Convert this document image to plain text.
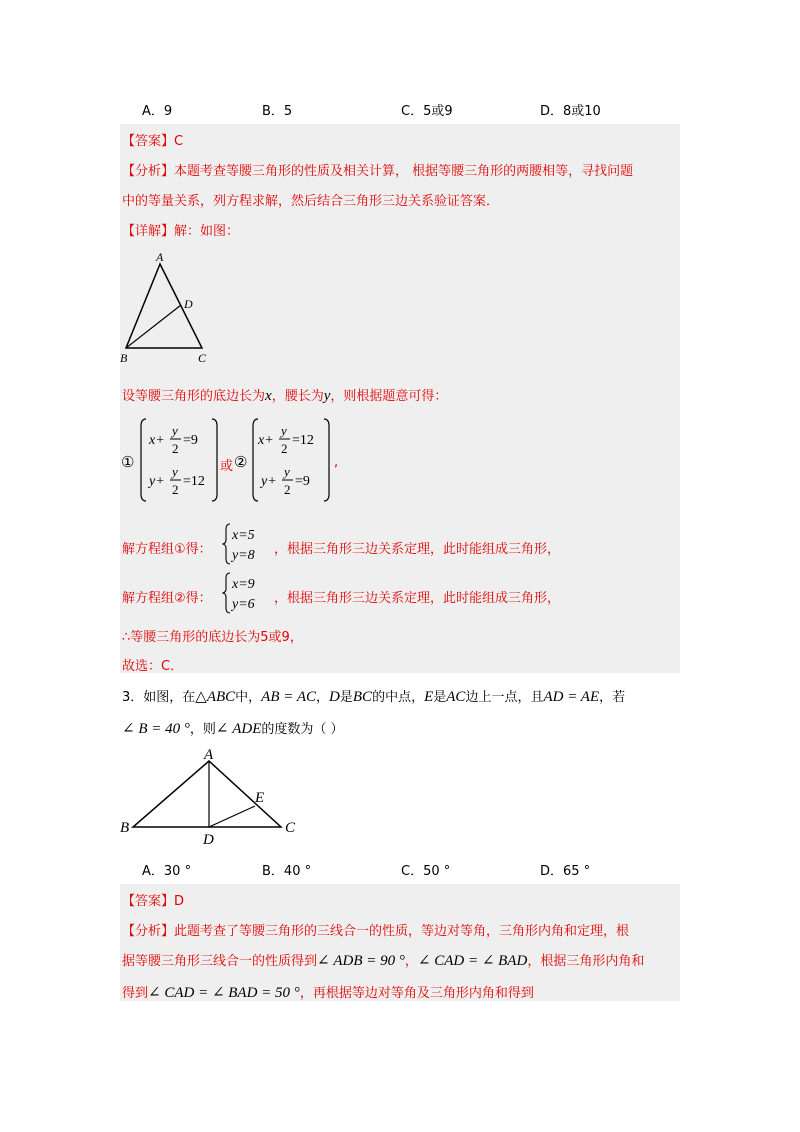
A．9	B．5	C．5或9	D．8或10
【答案】C
【分析】本题考查等腰三角形的性质及相关计算， 根据等腰三角形的两腰相等，寻找问题
中的等量关系，列方程求解，然后结合三角形三边关系验证答案．
【详解】解：如图：
A
D
B	C
设等腰三角形的底边长为x，腰长为y，则根据题意可得：
①
x+
y
2
=9
y+
y
2
=12
或 ②
x+
y
2
=12
y+
y
2
=9
,
解方程组①得：
x=5
y=8 ，根据三角形三边关系定理，此时能组成三角形，
解方程组②得：
x=9
y=6 ，根据三角形三边关系定理，此时能组成三角形，
∴等腰三角形的底边长为5或9，
故选：C．
3．如图，在△ABC中，AB = AC，D是BC的中点，E是AC边上一点，且AD = AE，若
∠ B = 40 °，则∠ ADE的度数为（ ）
A
E
B
D
C
A．30 °	B．40 °	C．50 °	D．65 °
【答案】D
【分析】此题考查了等腰三角形的三线合一的性质，等边对等角，三角形内角和定理，根
据等腰三角形三线合一的性质得到∠ ADB = 90 °，∠ CAD = ∠ BAD，根据三角形内角和
得到∠ CAD = ∠ BAD = 50 °，再根据等边对等角及三角形内角和得到
